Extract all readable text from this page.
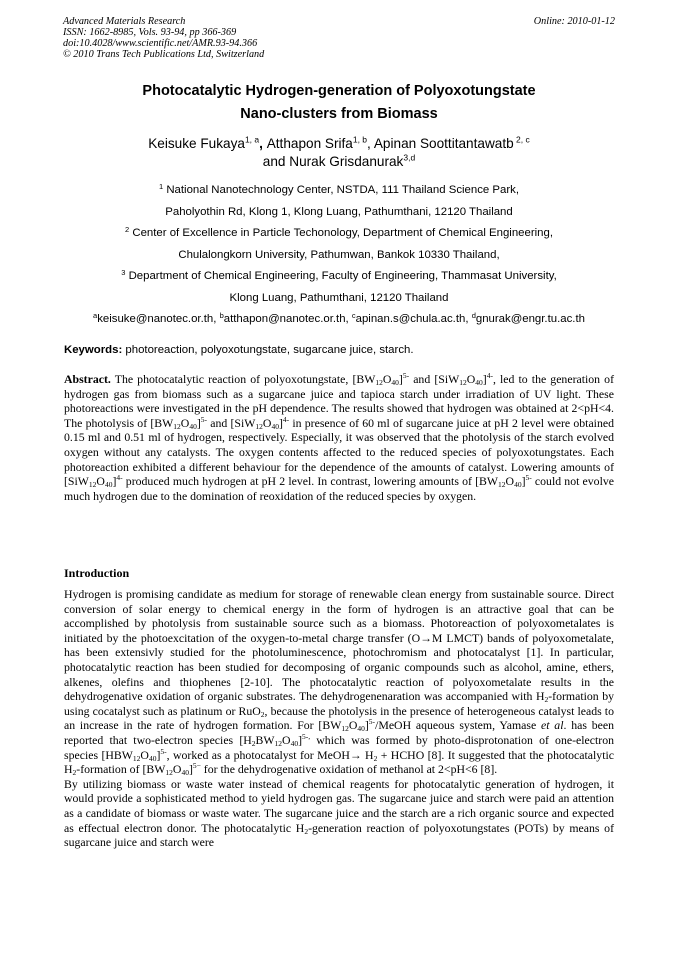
Advanced Materials Research
ISSN: 1662-8985, Vols. 93-94, pp 366-369
doi:10.4028/www.scientific.net/AMR.93-94.366
© 2010 Trans Tech Publications Ltd, Switzerland
Online: 2010-01-12
Photocatalytic Hydrogen-generation of Polyoxotungstate
Nano-clusters from Biomass
Keisuke Fukaya$^{1, a}$, Atthapon Srifa$^{1, b}$, Apinan Soottitantawatb $^{2, c}$
and Nurak Grisdanurak$^{3,d}$
$^1$ National Nanotechnology Center, NSTDA, 111 Thailand Science Park,
Paholyothin Rd, Klong 1, Klong Luang, Pathumthani, 12120 Thailand
$^2$ Center of Excellence in Particle Techonology, Department of Chemical Engineering,
Chulalongkorn University, Pathumwan, Bankok 10330 Thailand,
$^3$ Department of Chemical Engineering, Faculty of Engineering, Thammasat University,
Klong Luang, Pathumthani, 12120 Thailand
$^a$keisuke@nanotec.or.th, $^b$atthapon@nanotec.or.th, $^c$apinan.s@chula.ac.th, $^d$gnurak@engr.tu.ac.th
Keywords: photoreaction, polyoxotungstate, sugarcane juice, starch.
Abstract. The photocatalytic reaction of polyoxotungstate, $[BW_{12}O_{40}]^{5-}$ and $[SiW_{12}O_{40}]^{4-}$, led to the generation of hydrogen gas from biomass such as a sugarcane juice and tapioca starch under irradiation of UV light. These photoreactions were investigated in the pH dependence. The results showed that hydrogen was obtained at 2<pH<4. The photolysis of $[BW_{12}O_{40}]^{5-}$ and $[SiW_{12}O_{40}]^{4-}$ in presence of 60 ml of sugarcane juice at pH 2 level were obtained 0.15 ml and 0.51 ml of hydrogen, respectively. Especially, it was observed that the photolysis of the starch evolved oxygen without any catalysts. The oxygen contents affected to the reduced species of polyoxotungstates. Each photoreaction exhibited a different behaviour for the dependence of the amounts of catalyst. Lowering amounts of $[SiW_{12}O_{40}]^{4-}$ produced much hydrogen at pH 2 level. In contrast, lowering amounts of $[BW_{12}O_{40}]^{5-}$ could not evolve much hydrogen due to the domination of reoxidation of the reduced species by oxygen.
Introduction

Hydrogen is promising candidate as medium for storage of renewable clean energy from sustainable source. Direct conversion of solar energy to chemical energy in the form of hydrogen is an attractive goal that can be accomplished by photolysis from sustainable source such as a biomass. Photoreaction of polyoxometalates is initiated by the photoexcitation of the oxygen-to-metal charge transfer (O→M LMCT) bands of polyoxometalate, has been extensivly studied for the photoluminescence, photochromism and photocatalyst [1]. In particular, photocatalytic reaction has been studied for decomposing of organic compounds such as alcohol, amine, ethers, alkenes, olefins and thiophenes [2-10]. The photocatalytic reaction of polyoxometalate results in the dehydrogenative oxidation of organic substrates. The dehydrogenenaration was accompanied with $H_2$-formation by using cocatalyst such as platinum or RuO$_2$, because the photolysis in the presence of heterogeneous catalyst leads to an increase in the rate of hydrogen formation. For $[BW_{12}O_{40}]^{5-}$/MeOH aqueous system, Yamase et al. has been reported that two-electron species $[H_2BW_{12}O_{40}]^{5-,}$ which was formed by photo-disprotonation of one-electron species $[HBW_{12}O_{40}]^{5-}$, worked as a photocatalyst for MeOH→ $H_2$ + HCHO [8]. It suggested that the photocatalytic $H_2$-formation of $[BW_{12}O_{40}]^{5-}$ for the dehydrogenative oxidation of methanol at 2<pH<6 [8].

By utilizing biomass or waste water instead of chemical reagents for photocatalytic generation of hydrogen, it would provide a sophisticated method to yield hydrogen gas. The sugarcane juice and starch were paid an attention as a candidate of biomass or waste water. The sugarcane juice and the starch are a rich organic source and expected as effectual electron donor. The photocatalytic $H_2$-generation reaction of polyoxotungstates (POTs) by means of sugarcane juice and starch were
